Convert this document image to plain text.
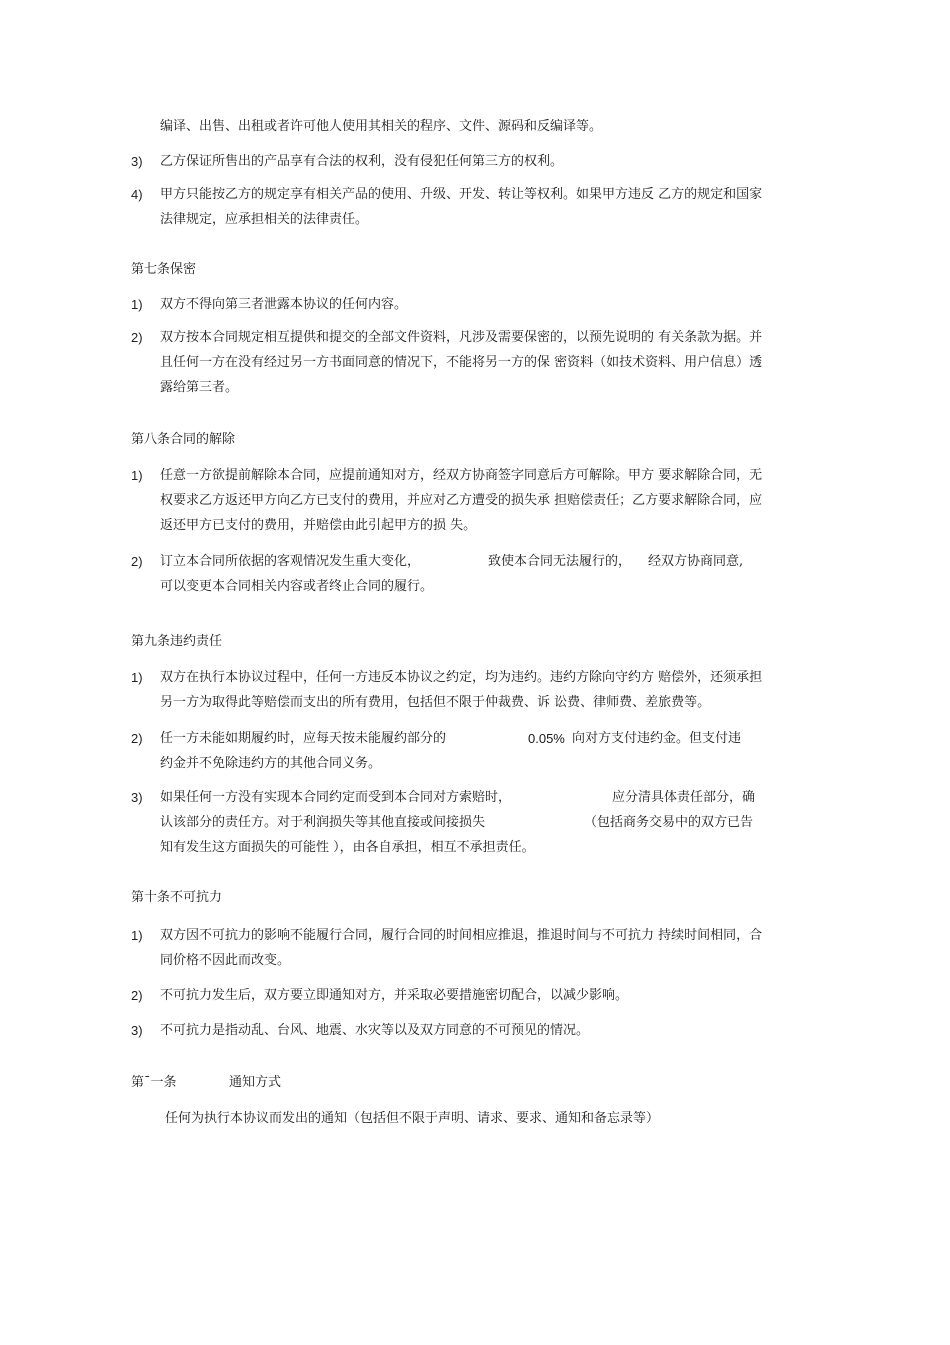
编译、出售、出租或者许可他人使用其相关的程序、文件、源码和反编译等。
3) 乙方保证所售出的产品享有合法的权利，没有侵犯任何第三方的权利。
4) 甲方只能按乙方的规定享有相关产品的使用、升级、开发、转让等权利。如果甲方违反 乙方的规定和国家
法律规定，应承担相关的法律责任。
第七条保密
1) 双方不得向第三者泄露本协议的任何内容。
2) 双方按本合同规定相互提供和提交的全部文件资料，凡涉及需要保密的，以预先说明的 有关条款为据。并
且任何一方在没有经过另一方书面同意的情况下，不能将另一方的保 密资料（如技术资料、用户信息）透
露给第三者。
第八条合同的解除
1) 任意一方欲提前解除本合同，应提前通知对方，经双方协商签字同意后方可解除。甲方 要求解除合同，无
权要求乙方返还甲方向乙方已支付的费用，并应对乙方遭受的损失承 担赔偿责任；乙方要求解除合同，应
返还甲方已支付的费用，并赔偿由此引起甲方的损 失。
2) 订立本合同所依据的客观情况发生重大变化，	致使本合同无法履行的， 经双方协商同意,
可以变更本合同相关内容或者终止合同的履行。
第九条违约责任
1) 双方在执行本协议过程中，任何一方违反本协议之约定，均为违约。违约方除向守约方 赔偿外，还须承担
另一方为取得此等赔偿而支出的所有费用，包括但不限于仲裁费、诉 讼费、律师费、差旅费等。
2) 任一方未能如期履约时，应每天按未能履约部分的	0.05% 向对方支付违约金。但支付违
约金并不免除违约方的其他合同义务。
3) 如果任何一方没有实现本合同约定而受到本合同对方索赔时，	应分清具体责任部分，确
认该部分的责任方。对于利润损失等其他直接或间接损失	（包括商务交易中的双方已告
知有发生这方面损失的可能性 ），由各自承担，相互不承担责任。
第十条不可抗力
1) 双方因不可抗力的影响不能履行合同，履行合同的时间相应推退，推退时间与不可抗力 持续时间相同，合
同价格不因此而改变。
2) 不可抗力发生后，双方要立即通知对方，并采取必要措施密切配合，以减少影响。
3) 不可抗力是指动乱、台风、地震、水灾等以及双方同意的不可预见的情况。
第ˉ一条	通知方式
任何为执行本协议而发出的通知（包括但不限于声明、请求、要求、通知和备忘录等）
